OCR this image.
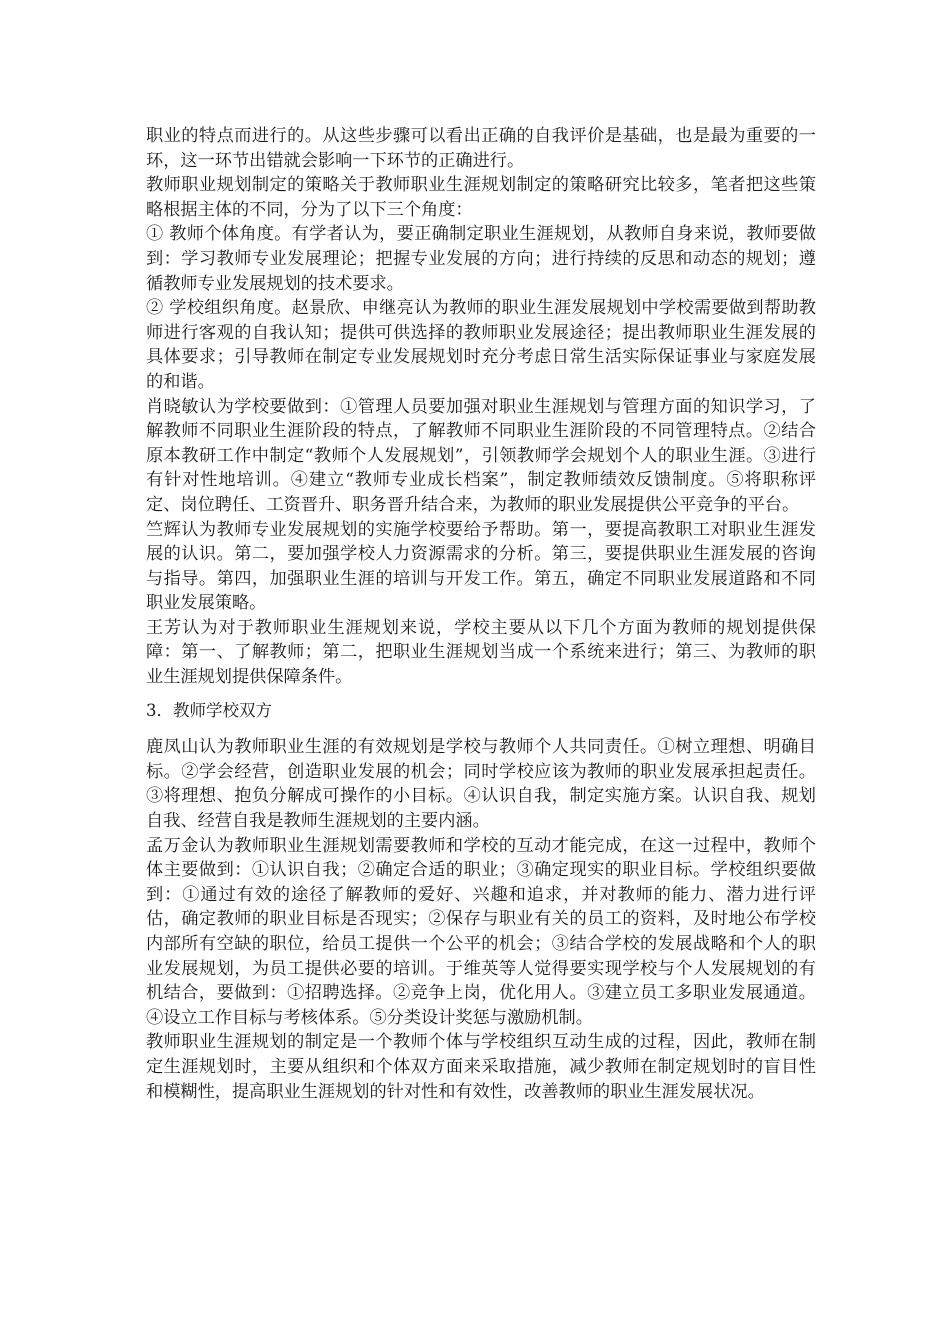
职业的特点而进行的。从这些步骤可以看出正确的自我评价是基础，也是最为重要的一环，这一环节出错就会影响一下环节的正确进行。

教师职业规划制定的策略关于教师职业生涯规划制定的策略研究比较多，笔者把这些策略根据主体的不同，分为了以下三个角度：

① 教师个体角度。有学者认为，要正确制定职业生涯规划，从教师自身来说，教师要做到：学习教师专业发展理论；把握专业发展的方向；进行持续的反思和动态的规划；遵循教师专业发展规划的技术要求。

② 学校组织角度。赵景欣、申继亮认为教师的职业生涯发展规划中学校需要做到帮助教师进行客观的自我认知；提供可供选择的教师职业发展途径；提出教师职业生涯发展的具体要求；引导教师在制定专业发展规划时充分考虑日常生活实际保证事业与家庭发展的和谐。

肖晓敏认为学校要做到：①管理人员要加强对职业生涯规划与管理方面的知识学习，了解教师不同职业生涯阶段的特点，了解教师不同职业生涯阶段的不同管理特点。②结合原本教研工作中制定“教师个人发展规划”，引领教师学会规划个人的职业生涯。③进行有针对性地培训。④建立“教师专业成长档案”，制定教师绩效反馈制度。⑤将职称评定、岗位聘任、工资晋升、职务晋升结合来，为教师的职业发展提供公平竞争的平台。

竺辉认为教师专业发展规划的实施学校要给予帮助。第一，要提高教职工对职业生涯发展的认识。第二，要加强学校人力资源需求的分析。第三，要提供职业生涯发展的咨询与指导。第四，加强职业生涯的培训与开发工作。第五，确定不同职业发展道路和不同职业发展策略。

王芳认为对于教师职业生涯规划来说，学校主要从以下几个方面为教师的规划提供保障：第一、了解教师；第二，把职业生涯规划当成一个系统来进行；第三、为教师的职业生涯规划提供保障条件。

3．教师学校双方

鹿凤山认为教师职业生涯的有效规划是学校与教师个人共同责任。①树立理想、明确目标。②学会经营，创造职业发展的机会；同时学校应该为教师的职业发展承担起责任。③将理想、抱负分解成可操作的小目标。④认识自我，制定实施方案。认识自我、规划自我、经营自我是教师生涯规划的主要内涵。

孟万金认为教师职业生涯规划需要教师和学校的互动才能完成，在这一过程中，教师个体主要做到：①认识自我；②确定合适的职业；③确定现实的职业目标。学校组织要做到：①通过有效的途径了解教师的爱好、兴趣和追求，并对教师的能力、潜力进行评估，确定教师的职业目标是否现实；②保存与职业有关的员工的资料，及时地公布学校内部所有空缺的职位，给员工提供一个公平的机会；③结合学校的发展战略和个人的职业发展规划，为员工提供必要的培训。于维英等人觉得要实现学校与个人发展规划的有机结合，要做到：①招聘选择。②竞争上岗，优化用人。③建立员工多职业发展通道。④设立工作目标与考核体系。⑤分类设计奖惩与激励机制。

教师职业生涯规划的制定是一个教师个体与学校组织互动生成的过程，因此，教师在制定生涯规划时，主要从组织和个体双方面来采取措施，减少教师在制定规划时的盲目性和模糊性，提高职业生涯规划的针对性和有效性，改善教师的职业生涯发展状况。
